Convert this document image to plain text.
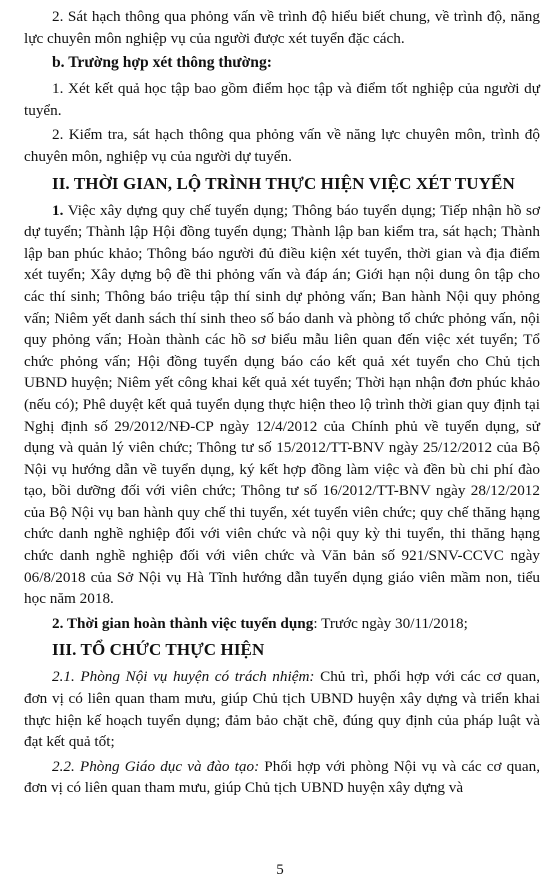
2. Sát hạch thông qua phỏng vấn về trình độ hiểu biết chung, về trình độ, năng lực chuyên môn nghiệp vụ của người được xét tuyển đặc cách.

b. Trường hợp xét thông thường:

1. Xét kết quả học tập bao gồm điểm học tập và điểm tốt nghiệp của người dự tuyển.

2. Kiểm tra, sát hạch thông qua phỏng vấn về năng lực chuyên môn, trình độ chuyên môn, nghiệp vụ của người dự tuyển.

II. THỜI GIAN, LỘ TRÌNH THỰC HIỆN VIỆC XÉT TUYỂN

1. Việc xây dựng quy chế tuyển dụng; Thông báo tuyển dụng; Tiếp nhận hồ sơ dự tuyển; Thành lập Hội đồng tuyển dụng; Thành lập ban kiểm tra, sát hạch; Thành lập ban phúc khảo; Thông báo người đủ điều kiện xét tuyển, thời gian và địa điểm xét tuyển; Xây dựng bộ đề thi phỏng vấn và đáp án; Giới hạn nội dung ôn tập cho các thí sinh; Thông báo triệu tập thí sinh dự phỏng vấn; Ban hành Nội quy phỏng vấn; Niêm yết danh sách thí sinh theo số báo danh và phòng tổ chức phỏng vấn, nội quy phỏng vấn; Hoàn thành các hồ sơ biểu mẫu liên quan đến việc xét tuyển; Tổ chức phỏng vấn; Hội đồng tuyển dụng báo cáo kết quả xét tuyển cho Chủ tịch UBND huyện; Niêm yết công khai kết quả xét tuyển; Thời hạn nhận đơn phúc khảo (nếu có); Phê duyệt kết quả tuyển dụng thực hiện theo lộ trình thời gian quy định tại Nghị định số 29/2012/NĐ-CP ngày 12/4/2012 của Chính phủ về tuyển dụng, sử dụng và quản lý viên chức; Thông tư số 15/2012/TT-BNV ngày 25/12/2012 của Bộ Nội vụ hướng dẫn về tuyển dụng, ký kết hợp đồng làm việc và đền bù chi phí đào tạo, bồi dưỡng đối với viên chức; Thông tư số 16/2012/TT-BNV ngày 28/12/2012 của Bộ Nội vụ ban hành quy chế thi tuyển, xét tuyển viên chức; quy chế thăng hạng chức danh nghề nghiệp đối với viên chức và nội quy kỳ thi tuyển, thi thăng hạng chức danh nghề nghiệp đối với viên chức và Văn bản số 921/SNV-CCVC ngày 06/8/2018 của Sở Nội vụ Hà Tĩnh hướng dẫn tuyển dụng giáo viên mầm non, tiểu học năm 2018.

2. Thời gian hoàn thành việc tuyển dụng: Trước ngày 30/11/2018;

III. TỔ CHỨC THỰC HIỆN

2.1. Phòng Nội vụ huyện có trách nhiệm: Chủ trì, phối hợp với các cơ quan, đơn vị có liên quan tham mưu, giúp Chủ tịch UBND huyện xây dựng và triển khai thực hiện kế hoạch tuyển dụng; đảm bảo chặt chẽ, đúng quy định của pháp luật và đạt kết quả tốt;

2.2. Phòng Giáo dục và đào tạo: Phối hợp với phòng Nội vụ và các cơ quan, đơn vị có liên quan tham mưu, giúp Chủ tịch UBND huyện xây dựng và

5
